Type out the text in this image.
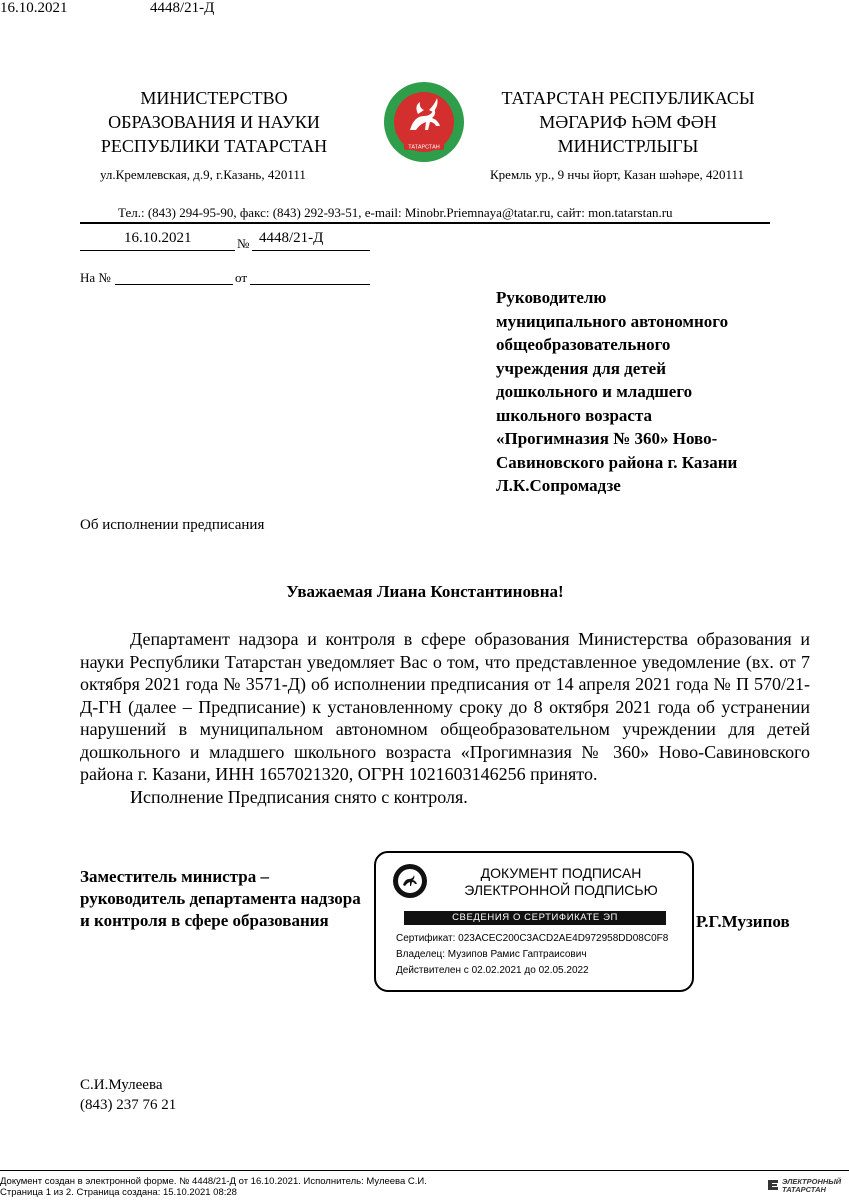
16.10.2021	4448/21-Д
МИНИСТЕРСТВО
ОБРАЗОВАНИЯ И НАУКИ
РЕСПУБЛИКИ ТАТАРСТАН
ул.Кремлевская, д.9, г.Казань, 420111
ТАТАРСТАН
ТАТАРСТАН РЕСПУБЛИКАСЫ
МӘГАРИФ ҺӘМ ФӘН
МИНИСТРЛЫГЫ
Кремль ур., 9 нчы йорт, Казан шәһәре, 420111
Тел.: (843) 294-95-90, факс: (843) 292-93-51, e-mail: Minobr.Priemnaya@tatar.ru, сайт: mon.tatarstan.ru
16.10.2021	№ 4448/21-Д
На №	от
Руководителю
муниципального автономного
общеобразовательного
учреждения для детей
дошкольного и младшего
школьного возраста
«Прогимназия № 360» Ново-
Савиновского района г. Казани
Л.К.Сопромадзе
Об исполнении предписания
Уважаемая Лиана Константиновна!

Департамент надзора и контроля в сфере образования Министерства образования и науки Республики Татарстан уведомляет Вас о том, что представленное уведомление (вх. от 7 октября 2021 года № 3571-Д) об исполнении предписания от 14 апреля 2021 года № П 570/21-Д-ГН (далее – Предписание) к установленному сроку до 8 октября 2021 года об устранении нарушений в муниципальном автономном общеобразовательном учреждении для детей дошкольного и младшего школьного возраста «Прогимназия № 360» Ново-Савиновского района г. Казани, ИНН 1657021320, ОГРН 1021603146256 принято.

Исполнение Предписания снято с контроля.

Заместитель министра –
руководитель департамента надзора
и контроля в сфере образования
ДОКУМЕНТ ПОДПИСАН
ЭЛЕКТРОННОЙ ПОДПИСЬЮ
СВЕДЕНИЯ О СЕРТИФИКАТЕ ЭП
Сертификат: 023ACEC200C3ACD2AE4D972958DD08C0F8
Владелец: Музипов Рамис Гаптраисович
Действителен с 02.02.2021 до 02.05.2022
Р.Г.Музипов
С.И.Мулеева
(843) 237 76 21
Документ создан в электронной форме. № 4448/21-Д от 16.10.2021. Исполнитель: Мулеева С.И.
Страница 1 из 2. Страница создана: 15.10.2021 08:28
ЭЛЕКТРОННЫЙ
ТАТАРСТАН
